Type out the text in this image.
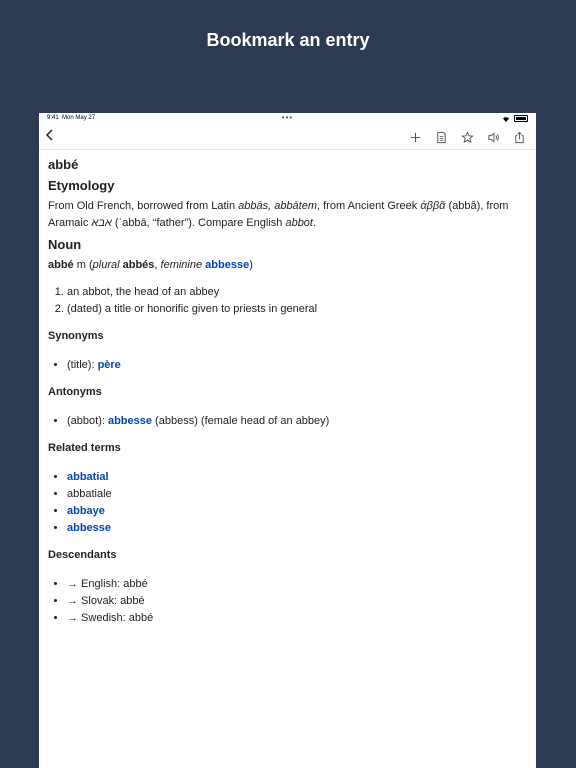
Bookmark an entry
9:41 Mon May 27	•••
abbé
Etymology

From Old French, borrowed from Latin abbās, abbātem, from Ancient Greek ἀββᾶ (abbâ), from Aramaic אבא (ʾabbā, “father”). Compare English abbot.

Noun

abbé m (plural abbés, feminine abbesse)

1. an abbot, the head of an abbey
2. (dated) a title or honorific given to priests in general
Synonyms
• (title): père
Antonyms
• (abbot): abbesse (abbess) (female head of an abbey)
Related terms
• abbatial
• abbatiale
• abbaye
• abbesse
Descendants
• → English: abbé
• → Slovak: abbé
• → Swedish: abbé
